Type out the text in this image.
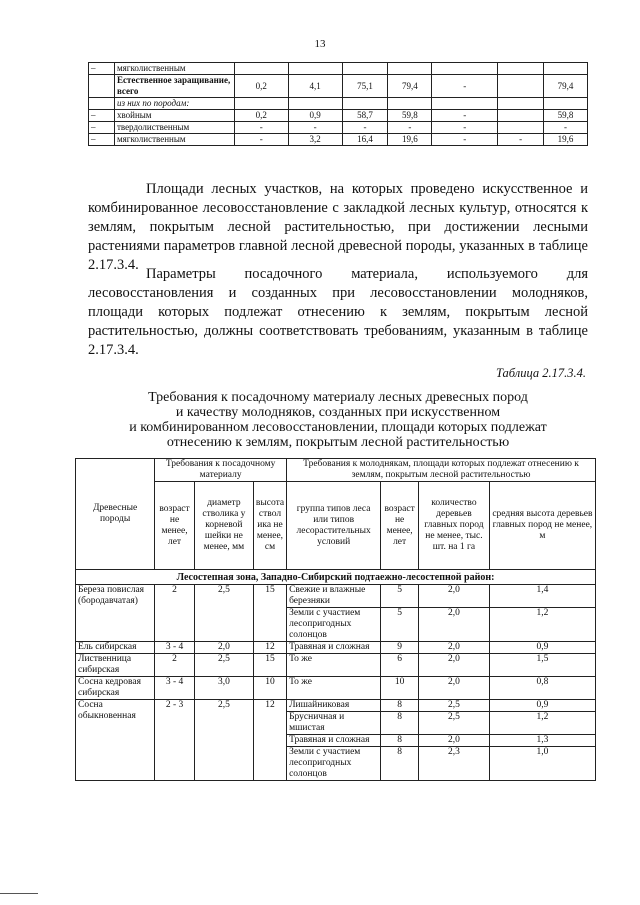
13
–	мягколиственным							
	Естественное заращивание, всего	0,2	4,1	75,1	79,4	-		79,4
	из них по породам:							
–	хвойным	0,2	0,9	58,7	59,8	-		59,8
–	твердолиственным	-	-	-	-	-		-
–	мягколиственным	-	3,2	16,4	19,6	-	-	19,6
Площади лесных участков, на которых проведено искусственное и комбинированное лесовосстановление с закладкой лесных культур, относятся к землям, покрытым лесной растительностью, при достижении лесными растениями параметров главной лесной древесной породы, указанных в таблице 2.17.3.4.
Параметры посадочного материала, используемого для лесовосстановления и созданных при лесовосстановлении молодняков, площади которых подлежат отнесению к землям, покрытым лесной растительностью, должны соответствовать требованиям, указанным в таблице 2.17.3.4.
Таблица 2.17.3.4.
Требования к посадочному материалу лесных древесных пород
и качеству молодняков, созданных при искусственном
и комбинированном лесовосстановлении, площади которых подлежат
отнесению к землям, покрытым лесной растительностью
Древесные породы	Требования к посадочному материалу			Требования к молоднякам, площади которых подлежат отнесению к землям, покрытым лесной растительностью			
	возраст не менее, лет	диаметр стволика у корневой шейки не менее, мм	высота ствол ика не менее, см	группа типов леса или типов лесорастительных условий	возраст не менее, лет	количество деревьев главных пород не менее, тыс. шт. на 1 га	средняя высота деревьев главных пород не менее, м
Лесостепная зона, Западно-Сибирский подтаежно-лесостепной район:							
Береза повислая (бородавчатая)	2	2,5	15	Свежие и влажные березняки	5	2,0	1,4
				Земли с участием лесопригодных солонцов	5	2,0	1,2
Ель сибирская	3 - 4	2,0	12	Травяная и сложная	9	2,0	0,9
Лиственница сибирская	2	2,5	15	То же	6	2,0	1,5
Сосна кедровая сибирская	3 - 4	3,0	10	То же	10	2,0	0,8
Сосна обыкновенная	2 - 3	2,5	12	Лишайниковая	8	2,5	0,9
				Брусничная и мшистая	8	2,5	1,2
				Травяная и сложная	8	2,0	1,3
				Земли с участием лесопригодных солонцов	8	2,3	1,0
